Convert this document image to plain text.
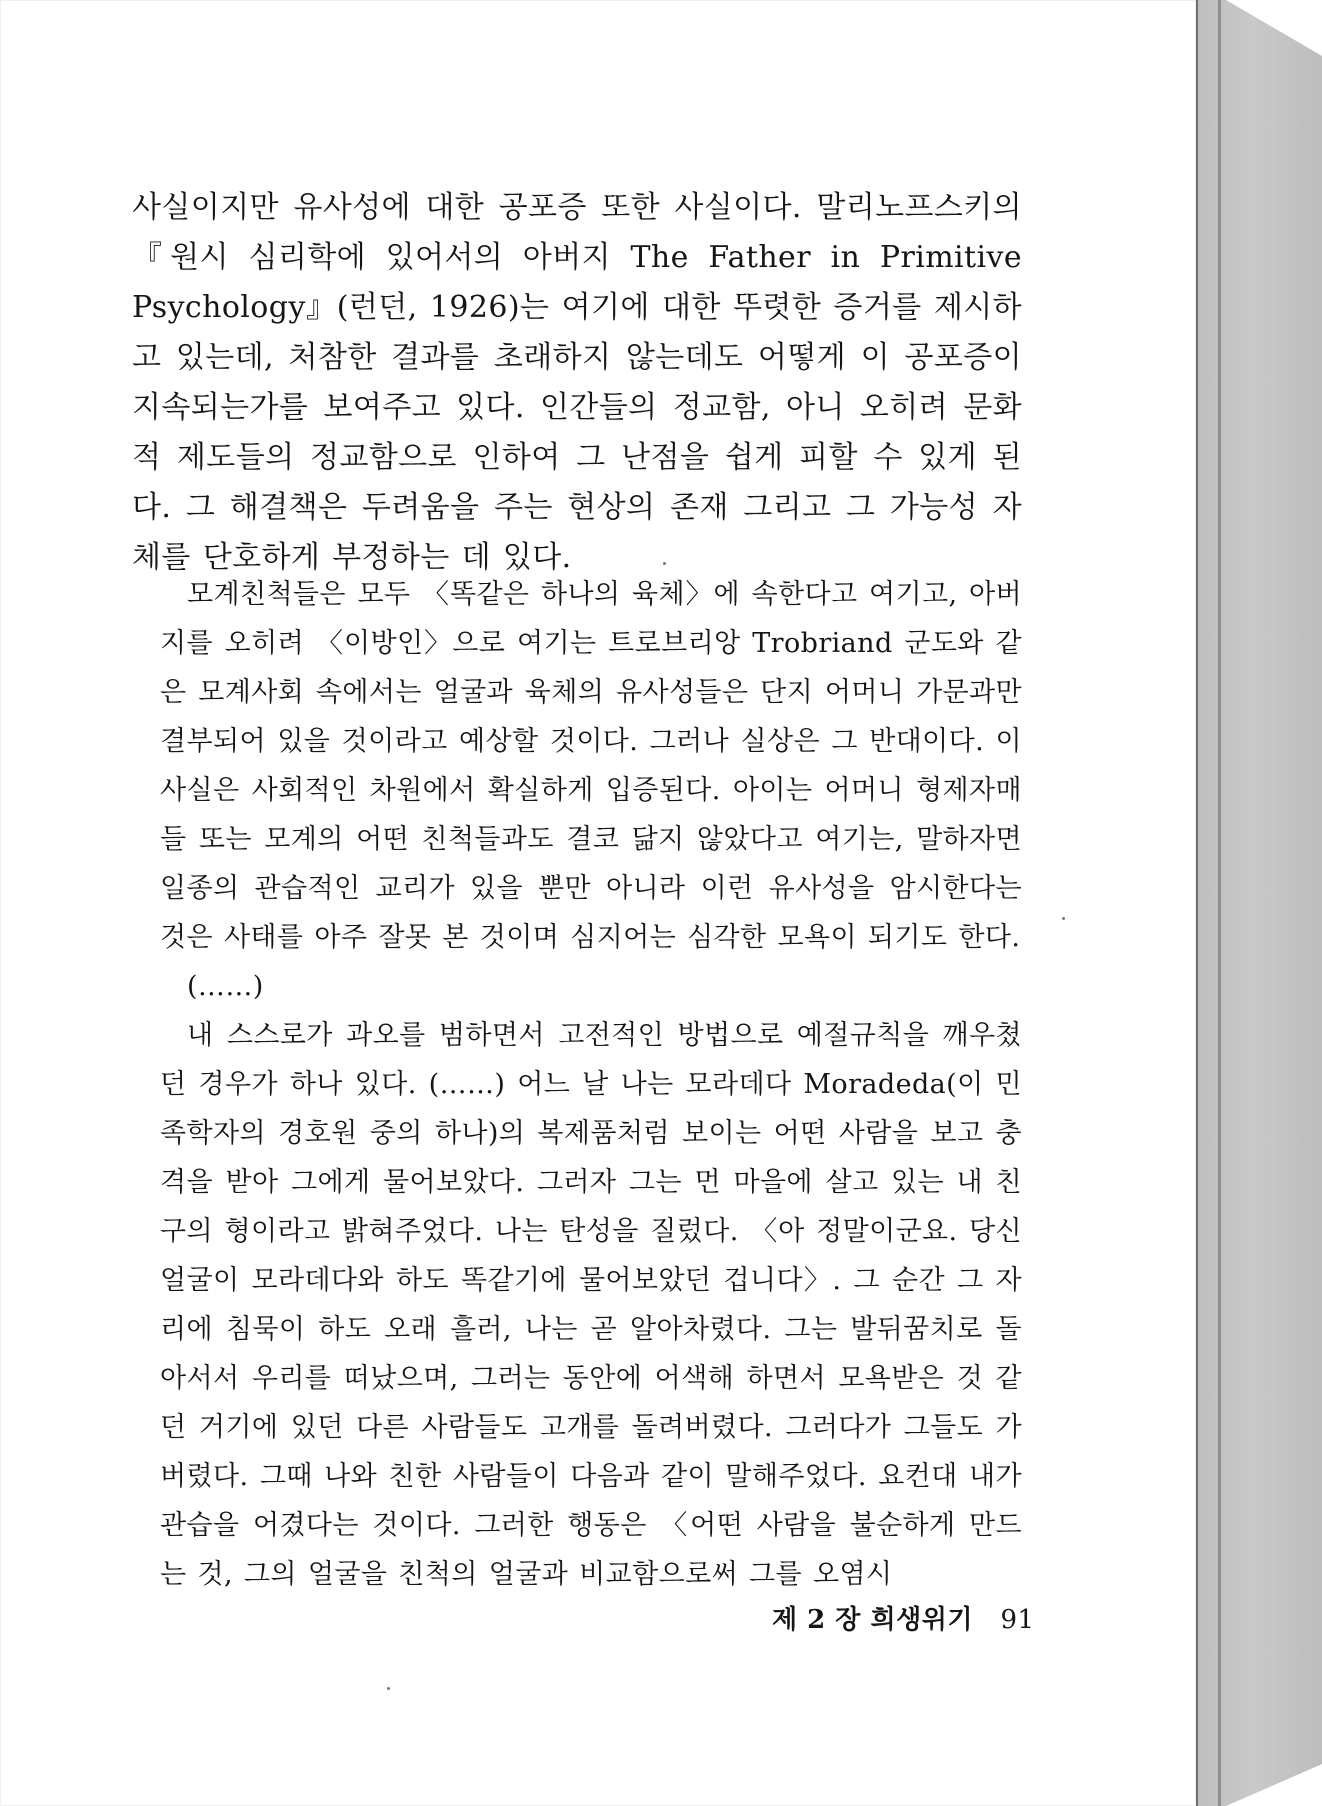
사실이지만 유사성에 대한 공포증 또한 사실이다. 말리노프스키의 『원시 심리학에 있어서의 아버지 The Father in Primitive Psychology』(런던, 1926)는 여기에 대한 뚜렷한 증거를 제시하고 있는데, 처참한 결과를 초래하지 않는데도 어떻게 이 공포증이 지속되는가를 보여주고 있다. 인간들의 정교함, 아니 오히려 문화적 제도들의 정교함으로 인하여 그 난점을 쉽게 피할 수 있게 된다. 그 해결책은 두려움을 주는 현상의 존재 그리고 그 가능성 자체를 단호하게 부정하는 데 있다.

모계친척들은 모두 〈똑같은 하나의 육체〉에 속한다고 여기고, 아버지를 오히려 〈이방인〉으로 여기는 트로브리앙 Trobriand 군도와 같은 모계사회 속에서는 얼굴과 육체의 유사성들은 단지 어머니 가문과만 결부되어 있을 것이라고 예상할 것이다. 그러나 실상은 그 반대이다. 이 사실은 사회적인 차원에서 확실하게 입증된다. 아이는 어머니 형제자매들 또는 모계의 어떤 친척들과도 결코 닮지 않았다고 여기는, 말하자면 일종의 관습적인 교리가 있을 뿐만 아니라 이런 유사성을 암시한다는 것은 사태를 아주 잘못 본 것이며 심지어는 심각한 모욕이 되기도 한다.

(……)

내 스스로가 과오를 범하면서 고전적인 방법으로 예절규칙을 깨우쳤던 경우가 하나 있다. (……) 어느 날 나는 모라데다 Moradeda(이 민족학자의 경호원 중의 하나)의 복제품처럼 보이는 어떤 사람을 보고 충격을 받아 그에게 물어보았다. 그러자 그는 먼 마을에 살고 있는 내 친구의 형이라고 밝혀주었다. 나는 탄성을 질렀다. 〈아 정말이군요. 당신 얼굴이 모라데다와 하도 똑같기에 물어보았던 겁니다〉. 그 순간 그 자리에 침묵이 하도 오래 흘러, 나는 곧 알아차렸다. 그는 발뒤꿈치로 돌아서서 우리를 떠났으며, 그러는 동안에 어색해 하면서 모욕받은 것 같던 거기에 있던 다른 사람들도 고개를 돌려버렸다. 그러다가 그들도 가버렸다. 그때 나와 친한 사람들이 다음과 같이 말해주었다. 요컨대 내가 관습을 어겼다는 것이다. 그러한 행동은 〈어떤 사람을 불순하게 만드는 것, 그의 얼굴을 친척의 얼굴과 비교함으로써 그를 오염시

제 2 장 희생위기 91
